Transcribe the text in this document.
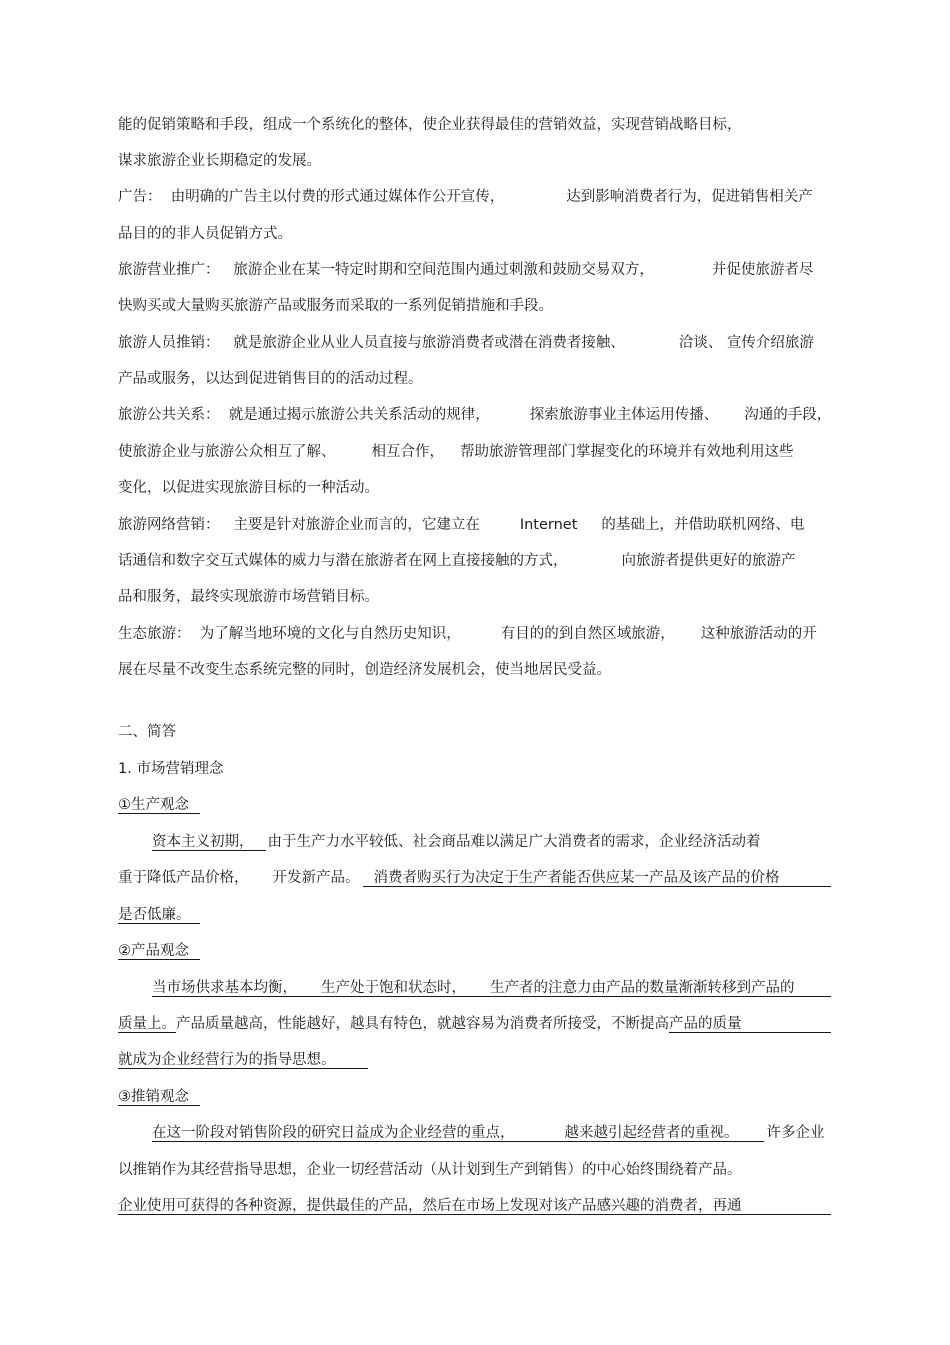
能的促销策略和手段，组成一个系统化的整体，使企业获得最佳的营销效益，实现营销战略目标，

谋求旅游企业长期稳定的发展。

广告：  由明确的广告主以付费的形式通过媒体作公开宣传，	达到影响消费者行为，促进销售相关产

品目的的非人员促销方式。

旅游营业推广：   旅游企业在某一特定时期和空间范围内通过刺激和鼓励交易双方，	并促使旅游者尽

快购买或大量购买旅游产品或服务而采取的一系列促销措施和手段。

旅游人员推销：   就是旅游企业从业人员直接与旅游消费者或潜在消费者接触、	洽谈、 宣传介绍旅游

产品或服务，以达到促进销售目的的活动过程。

旅游公共关系：  就是通过揭示旅游公共关系活动的规律，	探索旅游事业主体运用传播、 沟通的手段，

使旅游企业与旅游公众相互了解、 相互合作， 帮助旅游管理部门掌握变化的环境并有效地利用这些

变化，以促进实现旅游目标的一种活动。

旅游网络营销：   主要是针对旅游企业而言的，它建立在	Internet 的基础上，并借助联机网络、电

话通信和数字交互式媒体的威力与潜在旅游者在网上直接接触的方式，	向旅游者提供更好的旅游产

品和服务，最终实现旅游市场营销目标。

生态旅游：  为了解当地环境的文化与自然历史知识，	有目的的到自然区域旅游， 这种旅游活动的开

展在尽量不改变生态系统完整的同时，创造经济发展机会，使当地居民受益。

二、简答

1. 市场营销理念

①生产观念

资本主义初期， 由于生产力水平较低、社会商品难以满足广大消费者的需求，企业经济活动着

重于降低产品价格， 开发新产品。 消费者购买行为决定于生产者能否供应某一产品及该产品的价格

是否低廉。

②产品观念

当市场供求基本均衡， 生产处于饱和状态时， 生产者的注意力由产品的数量渐渐转移到产品的

质量上。产品质量越高，性能越好，越具有特色，就越容易为消费者所接受，不断提高产品的质量

就成为企业经营行为的指导思想。

③推销观念

在这一阶段对销售阶段的研究日益成为企业经营的重点，	越来越引起经营者的重视。 许多企业

以推销作为其经营指导思想，企业一切经营活动（从计划到生产到销售）的中心始终围绕着产品。

企业使用可获得的各种资源，提供最佳的产品，然后在市场上发现对该产品感兴趣的消费者，再通
